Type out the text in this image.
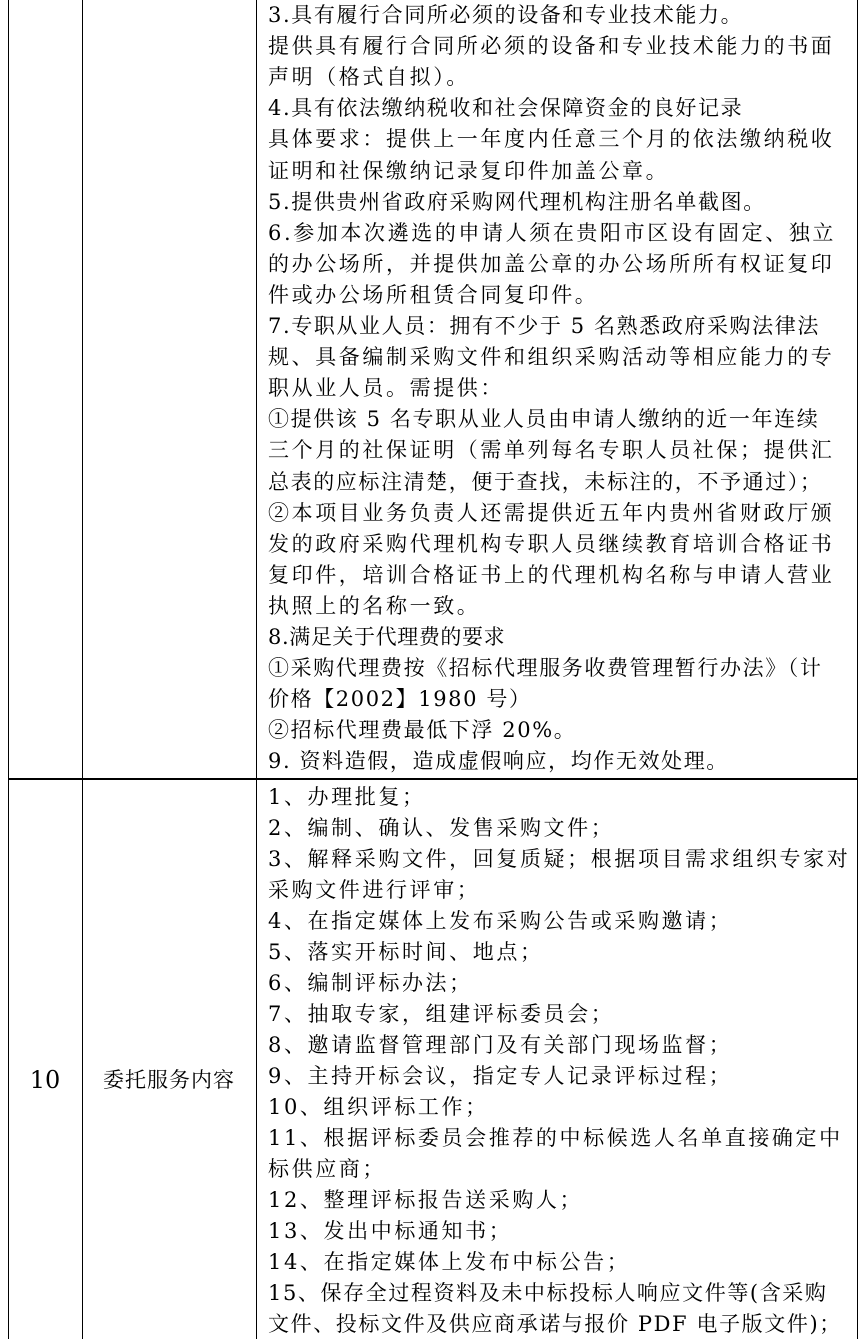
3.具有履行合同所必须的设备和专业技术能力。
提供具有履行合同所必须的设备和专业技术能力的书面
声明（格式自拟）。
4.具有依法缴纳税收和社会保障资金的良好记录
具体要求：提供上一年度内任意三个月的依法缴纳税收
证明和社保缴纳记录复印件加盖公章。
5.提供贵州省政府采购网代理机构注册名单截图。
6.参加本次遴选的申请人须在贵阳市区设有固定、独立
的办公场所，并提供加盖公章的办公场所所有权证复印
件或办公场所租赁合同复印件。
7.专职从业人员：拥有不少于 5 名熟悉政府采购法律法
规、具备编制采购文件和组织采购活动等相应能力的专
职从业人员。需提供：
①提供该 5 名专职从业人员由申请人缴纳的近一年连续
三个月的社保证明（需单列每名专职人员社保；提供汇
总表的应标注清楚，便于查找，未标注的，不予通过）；
②本项目业务负责人还需提供近五年内贵州省财政厅颁
发的政府采购代理机构专职人员继续教育培训合格证书
复印件，培训合格证书上的代理机构名称与申请人营业
执照上的名称一致。
8.满足关于代理费的要求
①采购代理费按《招标代理服务收费管理暂行办法》（计
价格【2002】1980 号）
②招标代理费最低下浮 20%。
9. 资料造假，造成虚假响应，均作无效处理。
10	委托服务内容
1、办理批复；
2、编制、确认、发售采购文件；
3、解释采购文件，回复质疑；根据项目需求组织专家对
采购文件进行评审；
4、在指定媒体上发布采购公告或采购邀请；
5、落实开标时间、地点；
6、编制评标办法；
7、抽取专家，组建评标委员会；
8、邀请监督管理部门及有关部门现场监督；
9、主持开标会议，指定专人记录评标过程；
10、组织评标工作；
11、根据评标委员会推荐的中标候选人名单直接确定中
标供应商；
12、整理评标报告送采购人；
13、发出中标通知书；
14、在指定媒体上发布中标公告；
15、保存全过程资料及未中标投标人响应文件等(含采购
文件、投标文件及供应商承诺与报价 PDF 电子版文件)；
